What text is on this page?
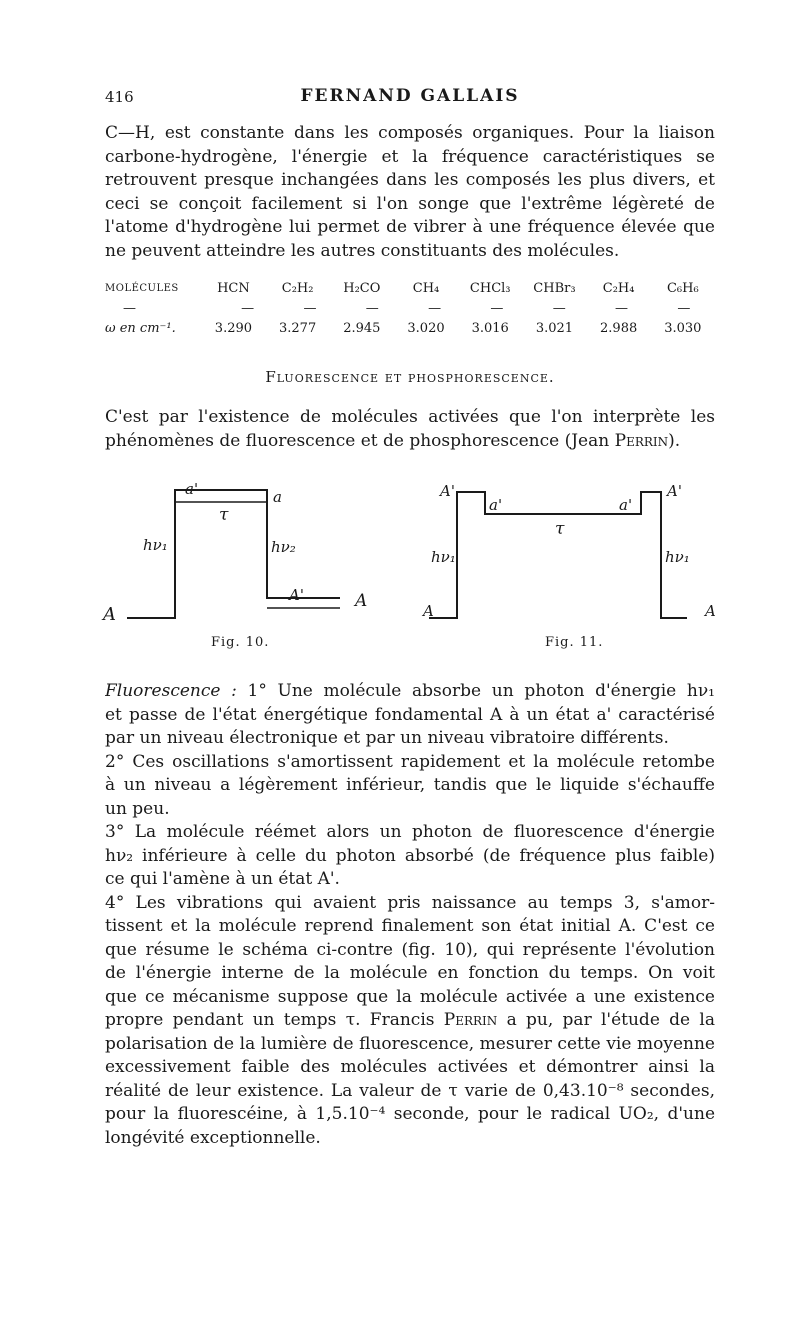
416	FERNAND GALLAIS
C—H, est constante dans les composés organiques. Pour la liaison
carbone-hydrogène, l'énergie et la fréquence caractéristiques se
retrouvent presque inchangées dans les composés les plus divers, et
ceci se conçoit facilement si l'on songe que l'extrême légèreté de
l'atome d'hydrogène lui permet de vibrer à une fréquence élevée que
ne peuvent atteindre les autres constituants des molécules.
MOLÉCULES	HCN	C₂H₂	H₂CO	CH₄	CHCl₃	CHBr₃	C₂H₄	C₆H₆
—	—	—	—	—	—	—	—	—
ω en cm⁻¹.	3.290	3.277	2.945	3.020	3.016	3.021	2.988	3.030
Fluorescence et phosphorescence.
C'est par l'existence de molécules activées que l'on interprète les
phénomènes de fluorescence et de phosphorescence (Jean Perrin).
A
a'
τ
a
hν₁	hν₂
A'	A
Fig. 10.
A'
a'
τ
a'
A'
hν₁	hν₁
A	A
Fig. 11.
Fluorescence : 1° Une molécule absorbe un photon d'énergie hν₁
et passe de l'état énergétique fondamental A à un état a' caractérisé
par un niveau électronique et par un niveau vibratoire différents.
2° Ces oscillations s'amortissent rapidement et la molécule retombe
à un niveau a légèrement inférieur, tandis que le liquide s'échauffe
un peu.
3° La molécule réémet alors un photon de fluorescence d'énergie
hν₂ inférieure à celle du photon absorbé (de fréquence plus faible)
ce qui l'amène à un état A'.
4° Les vibrations qui avaient pris naissance au temps 3, s'amor-
tissent et la molécule reprend finalement son état initial A. C'est ce
que résume le schéma ci-contre (fig. 10), qui représente l'évolution
de l'énergie interne de la molécule en fonction du temps. On voit
que ce mécanisme suppose que la molécule activée a une existence
propre pendant un temps τ. Francis Perrin a pu, par l'étude de la
polarisation de la lumière de fluorescence, mesurer cette vie moyenne
excessivement faible des molécules activées et démontrer ainsi la
réalité de leur existence. La valeur de τ varie de 0,43.10⁻⁸ secondes,
pour la fluorescéine, à 1,5.10⁻⁴ seconde, pour le radical UO₂, d'une
longévité exceptionnelle.
